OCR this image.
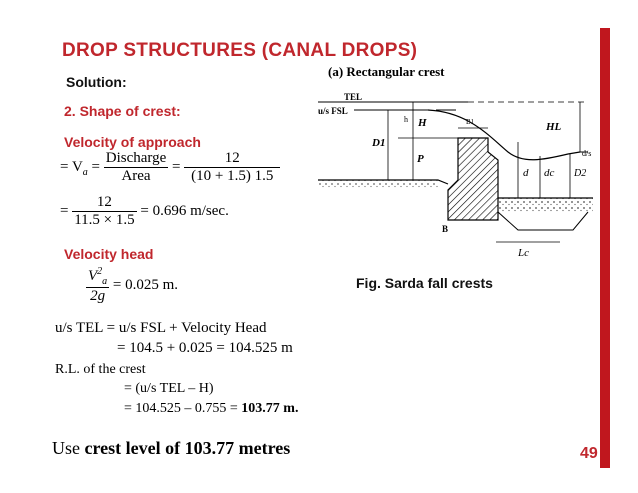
DROP STRUCTURES (CANAL DROPS)
Solution:
2. Shape of crest:
Velocity of approach
= $V_a = \frac{\text{Discharge}}{\text{Area}} = \frac{12}{(10 + 1.5) 1.5}$
= $\frac{12}{11.5 \times 1.5} = 0.696$ m/sec.
Velocity head
$\frac{V^2_a}{2g} = 0.025$ m.
u/s TEL = u/s FSL + Velocity Head
= 104.5 + 0.025 = 104.525 m
R.L. of the crest
= (u/s TEL – H)
= 104.525 – 0.755 = 103.77 m.
Use crest level of 103.77 metres
(a) Rectangular crest
TEL
u/s FSL
h H	B1	HL
D1
P
d dc D2
d/s
Lc
B
Fig. Sarda fall crests
49
